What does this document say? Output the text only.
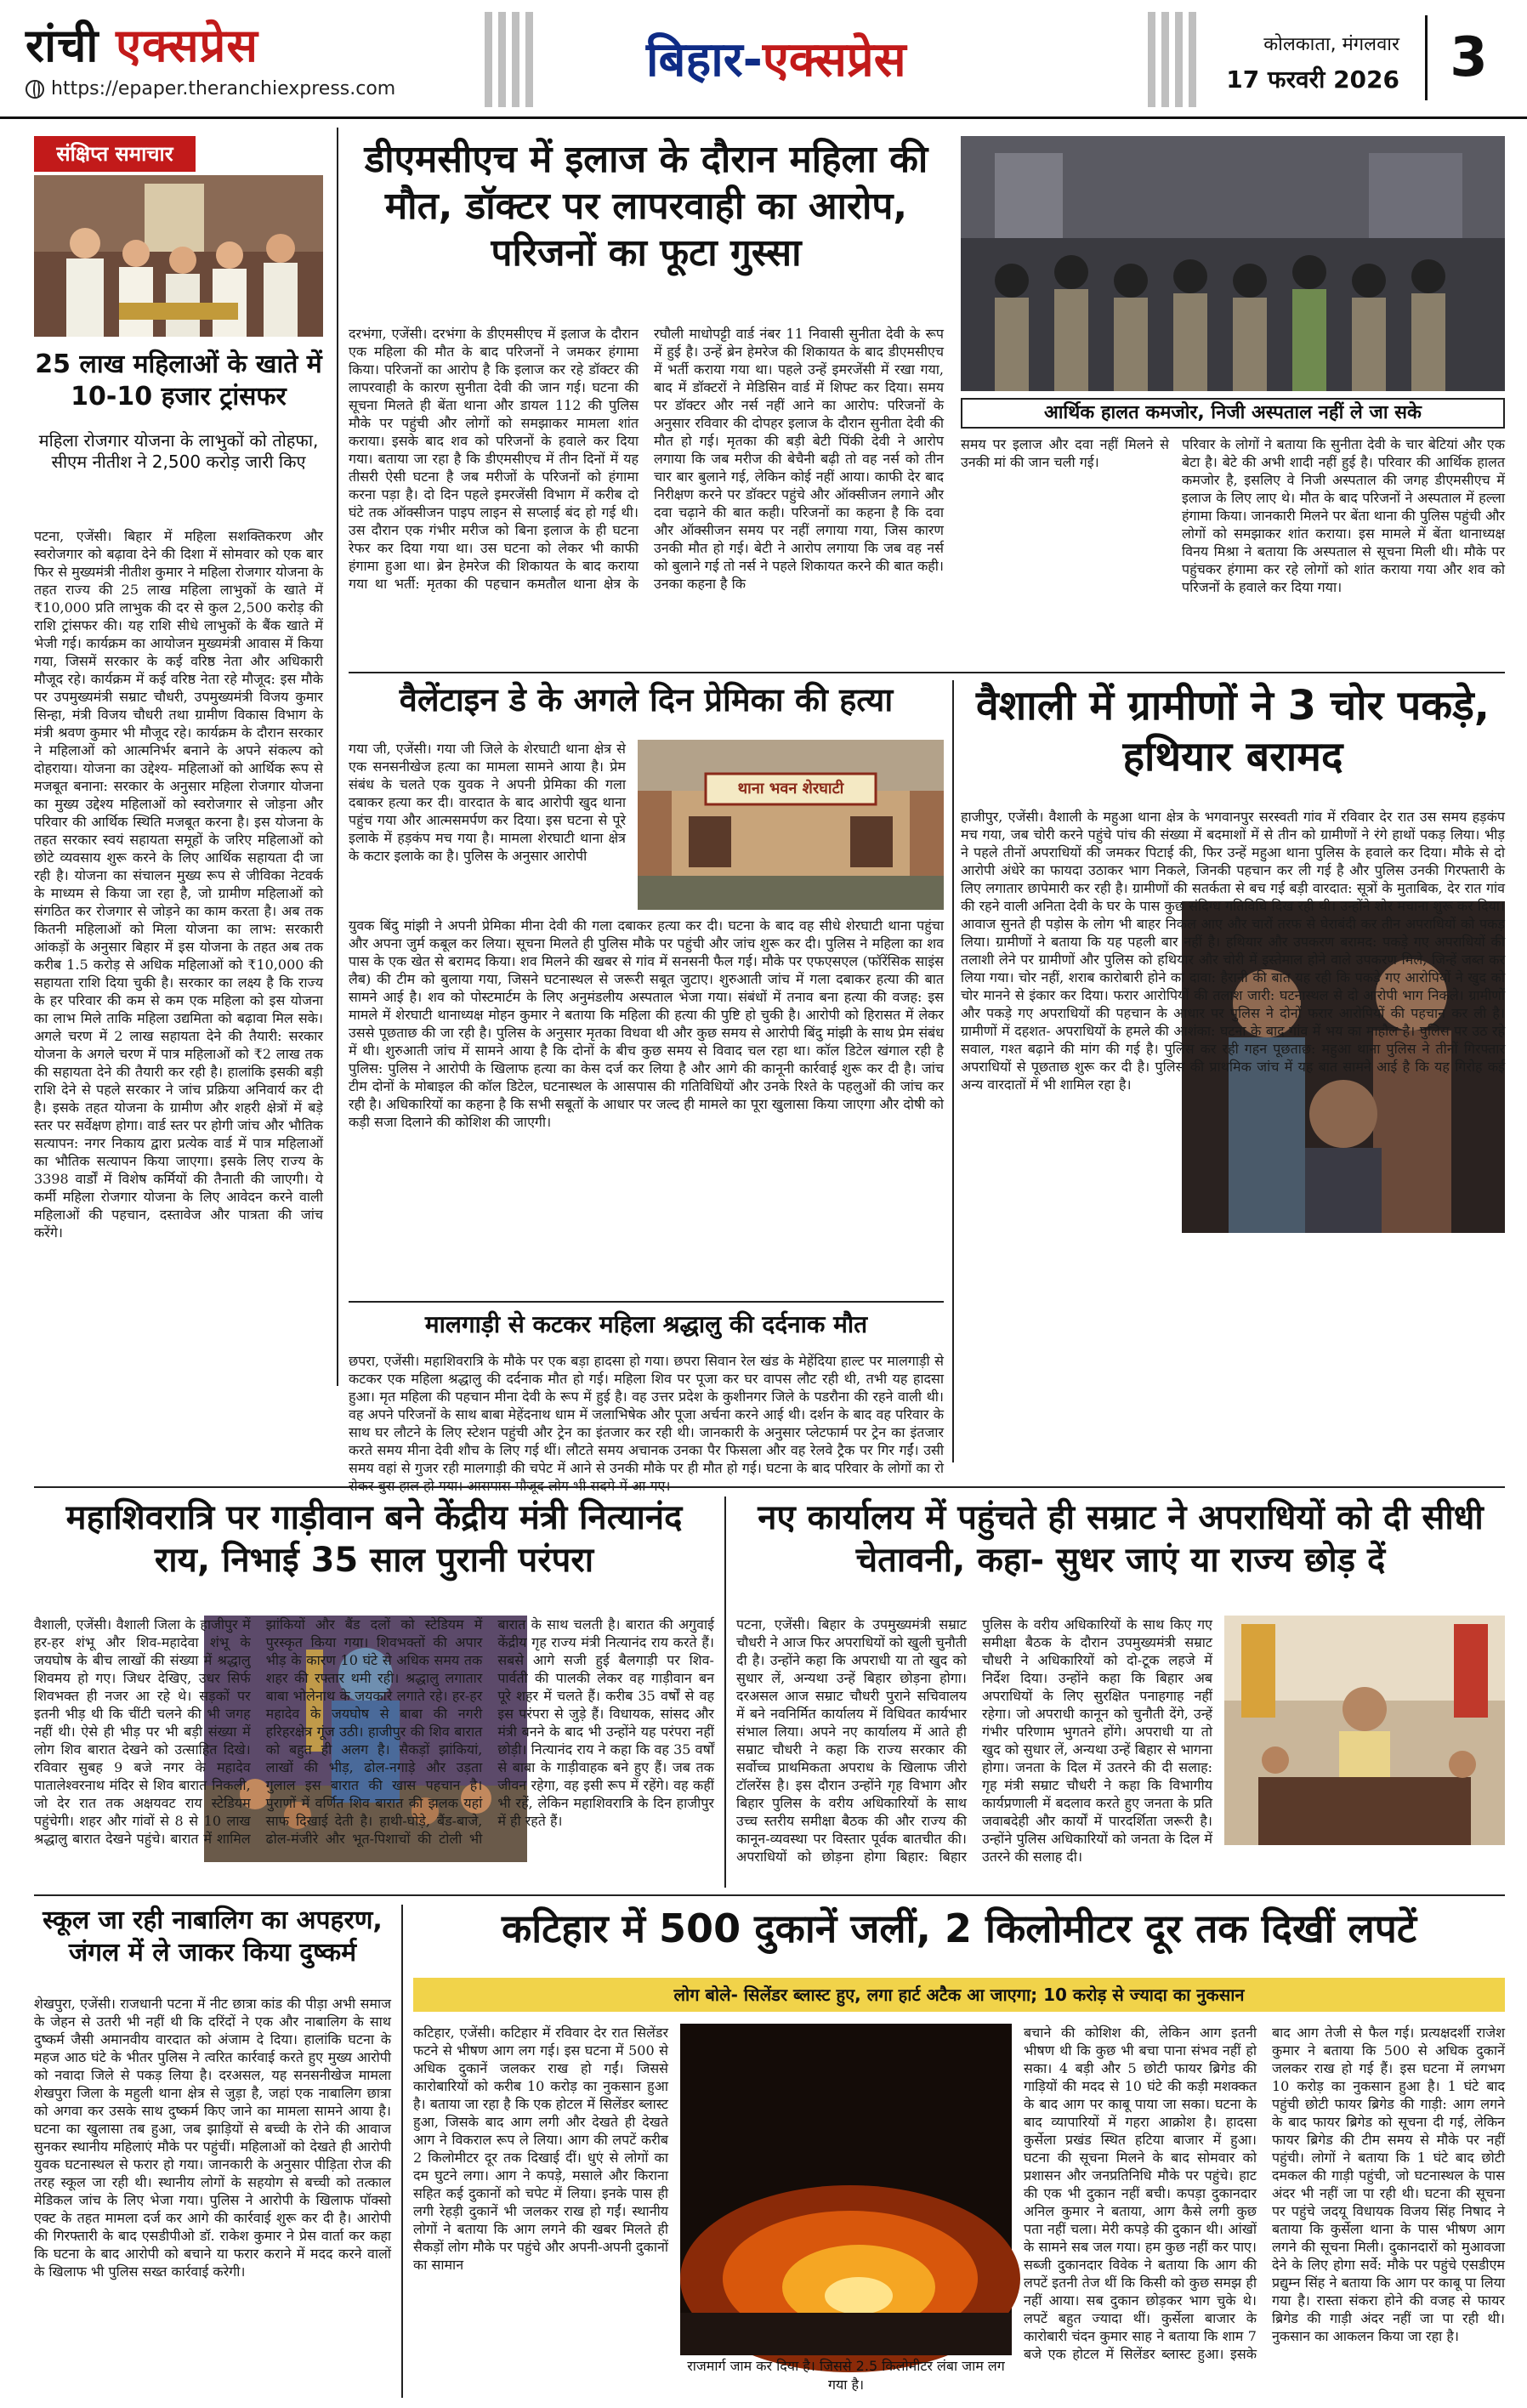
रांची एक्सप्रेस
https://epaper.theranchiexpress.com
बिहार-एक्सप्रेस	कोलकाता, मंगलवार
17 फरवरी 2026 3
संक्षिप्त समाचार
25 लाख महिलाओं के खाते में 10-10 हजार ट्रांसफर
महिला रोजगार योजना के लाभुकों को तोहफा, सीएम नीतीश ने 2,500 करोड़ जारी किए
पटना, एजेंसी। बिहार में महिला सशक्तिकरण और स्वरोजगार को बढ़ावा देने की दिशा में सोमवार को एक बार फिर से मुख्यमंत्री नीतीश कुमार ने महिला रोजगार योजना के तहत राज्य की 25 लाख महिला लाभुकों के खाते में ₹10,000 प्रति लाभुक की दर से कुल 2,500 करोड़ की राशि ट्रांसफर की। यह राशि सीधे लाभुकों के बैंक खाते में भेजी गई। कार्यक्रम का आयोजन मुख्यमंत्री आवास में किया गया, जिसमें सरकार के कई वरिष्ठ नेता और अधिकारी मौजूद रहे। कार्यक्रम में कई वरिष्ठ नेता रहे मौजूद: इस मौके पर उपमुख्यमंत्री सम्राट चौधरी, उपमुख्यमंत्री विजय कुमार सिन्हा, मंत्री विजय चौधरी तथा ग्रामीण विकास विभाग के मंत्री श्रवण कुमार भी मौजूद रहे। कार्यक्रम के दौरान सरकार ने महिलाओं को आत्मनिर्भर बनाने के अपने संकल्प को दोहराया। योजना का उद्देश्य- महिलाओं को आर्थिक रूप से मजबूत बनाना: सरकार के अनुसार महिला रोजगार योजना का मुख्य उद्देश्य महिलाओं को स्वरोजगार से जोड़ना और परिवार की आर्थिक स्थिति मजबूत करना है। इस योजना के तहत सरकार स्वयं सहायता समूहों के जरिए महिलाओं को छोटे व्यवसाय शुरू करने के लिए आर्थिक सहायता दी जा रही है। योजना का संचालन मुख्य रूप से जीविका नेटवर्क के माध्यम से किया जा रहा है, जो ग्रामीण महिलाओं को संगठित कर रोजगार से जोड़ने का काम करता है। अब तक कितनी महिलाओं को मिला योजना का लाभ: सरकारी आंकड़ों के अनुसार बिहार में इस योजना के तहत अब तक करीब 1.5 करोड़ से अधिक महिलाओं को ₹10,000 की सहायता राशि दिया चुकी है। सरकार का लक्ष्य है कि राज्य के हर परिवार की कम से कम एक महिला को इस योजना का लाभ मिले ताकि महिला उद्यमिता को बढ़ावा मिल सके। अगले चरण में 2 लाख सहायता देने की तैयारी: सरकार योजना के अगले चरण में पात्र महिलाओं को ₹2 लाख तक की सहायता देने की तैयारी कर रही है। हालांकि इसकी बड़ी राशि देने से पहले सरकार ने जांच प्रक्रिया अनिवार्य कर दी है। इसके तहत योजना के ग्रामीण और शहरी क्षेत्रों में बड़े स्तर पर सर्वेक्षण होगा। वार्ड स्तर पर होगी जांच और भौतिक सत्यापन: नगर निकाय द्वारा प्रत्येक वार्ड में पात्र महिलाओं का भौतिक सत्यापन किया जाएगा। इसके लिए राज्य के 3398 वार्डों में विशेष कर्मियों की तैनाती की जाएगी। ये कर्मी महिला रोजगार योजना के लिए आवेदन करने वाली महिलाओं की पहचान, दस्तावेज और पात्रता की जांच करेंगे।
डीएमसीएच में इलाज के दौरान महिला की मौत, डॉक्टर पर लापरवाही का आरोप, परिजनों का फूटा गुस्सा
दरभंगा, एजेंसी। दरभंगा के डीएमसीएच में इलाज के दौरान एक महिला की मौत के बाद परिजनों ने जमकर हंगामा किया। परिजनों का आरोप है कि इलाज कर रहे डॉक्टर की लापरवाही के कारण सुनीता देवी की जान गई। घटना की सूचना मिलते ही बेंता थाना और डायल 112 की पुलिस मौके पर पहुंची और लोगों को समझाकर मामला शांत कराया। इसके बाद शव को परिजनों के हवाले कर दिया गया। बताया जा रहा है कि डीएमसीएच में तीन दिनों में यह तीसरी ऐसी घटना है जब मरीजों के परिजनों को हंगामा करना पड़ा है। दो दिन पहले इमरजेंसी विभाग में करीब दो घंटे तक ऑक्सीजन पाइप लाइन से सप्लाई बंद हो गई थी। उस दौरान एक गंभीर मरीज को बिना इलाज के ही घटना रेफर कर दिया गया था। उस घटना को लेकर भी काफी हंगामा हुआ था। ब्रेन हेमरेज की शिकायत के बाद कराया गया था भर्ती: मृतका की पहचान कमतौल थाना क्षेत्र के रघौली माधोपट्टी वार्ड नंबर 11 निवासी सुनीता देवी के रूप में हुई है। उन्हें ब्रेन हेमरेज की शिकायत के बाद डीएमसीएच में भर्ती कराया गया था। पहले उन्हें इमरजेंसी में रखा गया, बाद में डॉक्टरों ने मेडिसिन वार्ड में शिफ्ट कर दिया। समय पर डॉक्टर और नर्स नहीं आने का आरोप: परिजनों के अनुसार रविवार की दोपहर इलाज के दौरान सुनीता देवी की मौत हो गई। मृतका की बड़ी बेटी पिंकी देवी ने आरोप लगाया कि जब मरीज की बेचैनी बढ़ी तो वह नर्स को तीन चार बार बुलाने गई, लेकिन कोई नहीं आया। काफी देर बाद निरीक्षण करने पर डॉक्टर पहुंचे और ऑक्सीजन लगाने और दवा चढ़ाने की बात कही। परिजनों का कहना है कि दवा और ऑक्सीजन समय पर नहीं लगाया गया, जिस कारण उनकी मौत हो गई। बेटी ने आरोप लगाया कि जब वह नर्स को बुलाने गई तो नर्स ने पहले शिकायत करने की बात कही। उनका कहना है कि
आर्थिक हालत कमजोर, निजी अस्पताल नहीं ले जा सके
परिवार के लोगों ने बताया कि सुनीता देवी के चार बेटियां और एक बेटा है। बेटे की अभी शादी नहीं हुई है। परिवार की आर्थिक हालत कमजोर है, इसलिए वे निजी अस्पताल की जगह डीएमसीएच में इलाज के लिए लाए थे। मौत के बाद परिजनों ने अस्पताल में हल्ला हंगामा किया। जानकारी मिलने पर बेंता थाना की पुलिस पहुंची और लोगों को समझाकर शांत कराया। इस मामले में बेंता थानाध्यक्ष विनय मिश्रा ने बताया कि अस्पताल से सूचना मिली थी। मौके पर पहुंचकर हंगामा कर रहे लोगों को शांत कराया गया और शव को परिजनों के हवाले कर दिया गया।
समय पर इलाज और दवा नहीं मिलने से उनकी मां की जान चली गई।
वैलेंटाइन डे के अगले दिन प्रेमिका की हत्या
थाना भवन शेरघाटी
गया जी, एजेंसी। गया जी जिले के शेरघाटी थाना क्षेत्र से एक सनसनीखेज हत्या का मामला सामने आया है। प्रेम संबंध के चलते एक युवक ने अपनी प्रेमिका की गला दबाकर हत्या कर दी। वारदात के बाद आरोपी खुद थाना पहुंच गया और आत्मसमर्पण कर दिया। इस घटना से पूरे इलाके में हड़कंप मच गया है। मामला शेरघाटी थाना क्षेत्र के कटार इलाके का है। पुलिस के अनुसार आरोपी
वैशाली में ग्रामीणों ने 3 चोर पकड़े, हथियार बरामद
हाजीपुर, एजेंसी। वैशाली के महुआ थाना क्षेत्र के भगवानपुर सरस्वती गांव में रविवार देर रात उस समय हड़कंप मच गया, जब चोरी करने पहुंचे पांच की संख्या में बदमाशों में से तीन को ग्रामीणों ने रंगे हाथों पकड़ लिया। भीड़ ने पहले तीनों अपराधियों की जमकर पिटाई की, फिर उन्हें महुआ थाना पुलिस के हवाले कर दिया। मौके से दो आरोपी अंधेरे का फायदा उठाकर भाग निकले, जिनकी पहचान कर ली गई है और पुलिस उनकी गिरफ्तारी के लिए लगातार छापेमारी कर रही है। ग्रामीणों की सतर्कता से बच गई बड़ी वारदात: सूत्रों के मुताबिक, देर रात गांव की रहने वाली अनिता देवी के घर के पास कुछ संदिग्ध गतिविधि दिख रही थी। उन्होंने शोर मचाना शुरू कर दिया। आवाज सुनते ही पड़ोस के लोग भी बाहर निकल आए और चारों तरफ से घेराबंदी कर तीन अपराधियों को पकड़ लिया। ग्रामीणों ने बताया कि यह पहली बार नहीं है। हथियार और उपकरण बरामद: पकड़े गए अपराधियों की तलाशी लेने पर ग्रामीणों और पुलिस को हथियार और चोरी में इस्तेमाल होने वाले उपकरण मिले, जिन्हें जब्त कर लिया गया। चोर नहीं, शराब कारोबारी होने का दावा: हैरानी की बात यह रही कि पकड़े गए आरोपियों ने खुद को चोर मानने से इंकार कर दिया। फरार आरोपियों की तलाश जारी: घटनास्थल से दो आरोपी भाग निकले। ग्रामीणों और पकड़े गए अपराधियों की पहचान के आधार पर पुलिस ने दोनों फरार आरोपियों की पहचान कर ली है। ग्रामीणों में दहशत- अपराधियों के हमले की आशंका: घटना के बाद गांव में भय का माहौल है। पुलिस पर उठ रहे सवाल, गश्त बढ़ाने की मांग की गई है। पुलिस कर रही गहन पूछताछ: महुआ थाना पुलिस ने तीनों गिरफ्तार अपराधियों से पूछताछ शुरू कर दी है। पुलिस की प्राथमिक जांच में यह बात सामने आई है कि यह गिरोह कई अन्य वारदातों में भी शामिल रहा है।
मालगाड़ी से कटकर महिला श्रद्धालु की दर्दनाक मौत
छपरा, एजेंसी। महाशिवरात्रि के मौके पर एक बड़ा हादसा हो गया। छपरा सिवान रेल खंड के मेहेंदिया हाल्ट पर मालगाड़ी से कटकर एक महिला श्रद्धालु की दर्दनाक मौत हो गई। महिला शिव पर पूजा कर घर वापस लौट रही थी, तभी यह हादसा हुआ। मृत महिला की पहचान मीना देवी के रूप में हुई है। वह उत्तर प्रदेश के कुशीनगर जिले के पडरौना की रहने वाली थी। वह अपने परिजनों के साथ बाबा मेहेंदनाथ धाम में जलाभिषेक और पूजा अर्चना करने आई थी। दर्शन के बाद वह परिवार के साथ घर लौटने के लिए स्टेशन पहुंची और ट्रेन का इंतजार कर रही थी। जानकारी के अनुसार प्लेटफार्म पर ट्रेन का इंतजार करते समय मीना देवी शौच के लिए गई थीं। लौटते समय अचानक उनका पैर फिसला और वह रेलवे ट्रैक पर गिर गईं। उसी समय वहां से गुजर रही मालगाड़ी की चपेट में आने से उनकी मौके पर ही मौत हो गई। घटना के बाद परिवार के लोगों का रो
महाशिवरात्रि पर गाड़ीवान बने केंद्रीय मंत्री नित्यानंद राय, निभाई 35 साल पुरानी परंपरा
वैशाली, एजेंसी। वैशाली जिला के हाजीपुर में हर-हर शंभू और शिव-महादेवा शंभू के जयघोष के बीच लाखों की संख्या में श्रद्धालु शिवमय हो गए। जिधर देखिए, उधर सिर्फ शिवभक्त ही नजर आ रहे थे। सड़कों पर इतनी भीड़ थी कि चींटी चलने की भी जगह नहीं थी। ऐसे ही भीड़ पर भी बड़ी संख्या में लोग शिव बारात देखने को उत्साहित दिखे। रविवार सुबह 9 बजे नगर के महादेव पातालेश्वरनाथ मंदिर से शिव बारात निकली, जो देर रात तक अक्षयवट राय स्टेडियम पहुंचेगी। शहर और गांवों से 8 से 10 लाख श्रद्धालु बारात देखने पहुंचे। बारात में शामिल झांकियों और बैंड दलों को स्टेडियम में पुरस्कृत किया गया। शिवभक्तों की अपार भीड़ के कारण 10 घंटे से अधिक समय तक शहर की रफ्तार थमी रही। श्रद्धालु लगातार बाबा भोलेनाथ के जयकारे लगाते रहे। हर-हर महादेव के जयघोष से बाबा की नगरी हरिहरक्षेत्र गूंज उठी। हाजीपुर की शिव बारात को बहुत ही अलग है। सैकड़ों झांकियां, लाखों की भीड़, ढोल-नगाड़े और उड़ता गुलाल इस बारात की खास पहचान है। पुराणों में वर्णित शिव बारात की झलक यहां साफ दिखाई देती है। हाथी-घोड़े, बैंड-बाजे, ढोल-मंजीरे और भूत-पिशाचों की टोली भी बारात के साथ चलती है। बारात की अगुवाई केंद्रीय गृह राज्य मंत्री नित्यानंद राय करते हैं। सबसे आगे सजी हुई बैलगाड़ी पर शिव-पार्वती की पालकी लेकर वह गाड़ीवान बन पूरे शहर में चलते हैं। करीब 35 वर्षों से वह इस परंपरा से जुड़े हैं। विधायक, सांसद और मंत्री बनने के बाद भी उन्होंने यह परंपरा नहीं छोड़ी। नित्यानंद राय ने कहा कि वह 35 वर्षों से बाबा के गाड़ीवाहक बने हुए हैं। जब तक जीवन रहेगा, वह इसी रूप में रहेंगे। वह कहीं भी रहें, लेकिन महाशिवरात्रि के दिन हाजीपुर में ही रहते हैं।
नए कार्यालय में पहुंचते ही सम्राट ने अपराधियों को दी सीधी चेतावनी, कहा- सुधर जाएं या राज्य छोड़ दें
पटना, एजेंसी। बिहार के उपमुख्यमंत्री सम्राट चौधरी ने आज फिर अपराधियों को खुली चुनौती दी है। उन्होंने कहा कि अपराधी या तो खुद को सुधार लें, अन्यथा उन्हें बिहार छोड़ना होगा। दरअसल आज सम्राट चौधरी पुराने सचिवालय में बने नवनिर्मित कार्यालय में विधिवत कार्यभार संभाल लिया। अपने नए कार्यालय में आते ही सम्राट चौधरी ने कहा कि राज्य सरकार की सर्वोच्च प्राथमिकता अपराध के खिलाफ जीरो टॉलरेंस है। इस दौरान उन्होंने गृह विभाग और बिहार पुलिस के वरीय अधिकारियों के साथ उच्च स्तरीय समीक्षा बैठक की और राज्य की कानून-व्यवस्था पर विस्तार पूर्वक बातचीत की। अपराधियों को छोड़ना होगा बिहार: बिहार पुलिस के वरीय अधिकारियों के साथ किए गए समीक्षा बैठक के दौरान उपमुख्यमंत्री सम्राट चौधरी ने अधिकारियों को दो-टूक लहजे में निर्देश दिया। उन्होंने कहा कि बिहार अब अपराधियों के लिए सुरक्षित पनाहगाह नहीं रहेगा। जो अपराधी कानून को चुनौती देंगे, उन्हें गंभीर परिणाम भुगतने होंगे। अपराधी या तो खुद को सुधार लें, अन्यथा उन्हें बिहार से भागना होगा। जनता के दिल में उतरने की दी सलाह: गृह मंत्री सम्राट चौधरी ने कहा कि विभागीय कार्यप्रणाली में बदलाव करते हुए जनता के प्रति जवाबदेही और कार्यों में पारदर्शिता जरूरी है। उन्होंने पुलिस अधिकारियों को जनता के दिल में उतरने की सलाह दी।
स्कूल जा रही नाबालिग का अपहरण, जंगल में ले जाकर किया दुष्कर्म
शेखपुरा, एजेंसी। राजधानी पटना में नीट छात्रा कांड की पीड़ा अभी समाज के जेहन से उतरी भी नहीं थी कि दरिंदों ने एक और नाबालिग के साथ दुष्कर्म जैसी अमानवीय वारदात को अंजाम दे दिया। हालांकि घटना के महज आठ घंटे के भीतर पुलिस ने त्वरित कार्रवाई करते हुए मुख्य आरोपी को नवादा जिले से पकड़ लिया है। दरअसल, यह सनसनीखेज मामला शेखपुरा जिला के महुली थाना क्षेत्र से जुड़ा है, जहां एक नाबालिग छात्रा को अगवा कर उसके साथ दुष्कर्म किए जाने का मामला सामने आया है। घटना का खुलासा तब हुआ, जब झाड़ियों से बच्ची के रोने की आवाज सुनकर स्थानीय महिलाएं मौके पर पहुंचीं। महिलाओं को देखते ही आरोपी युवक घटनास्थल से फरार हो गया। जानकारी के अनुसार पीड़िता रोज की तरह स्कूल जा रही थी। स्थानीय लोगों के सहयोग से बच्ची को तत्काल मेडिकल जांच के लिए भेजा गया। पुलिस ने आरोपी के खिलाफ पॉक्सो एक्ट के तहत मामला दर्ज कर आगे की कार्रवाई शुरू कर दी है। आरोपी की गिरफ्तारी के बाद एसडीपीओ डॉ. राकेश कुमार ने प्रेस वार्ता कर कहा कि घटना के बाद आरोपी को बचाने या फरार कराने में मदद करने वालों के खिलाफ भी पुलिस सख्त कार्रवाई करेगी।
कटिहार में 500 दुकानें जलीं, 2 किलोमीटर दूर तक दिखीं लपटें
लोग बोले- सिलेंडर ब्लास्ट हुए, लगा हार्ट अटैक आ जाएगा; 10 करोड़ से ज्यादा का नुकसान
राजमार्ग जाम कर दिया है। जिससे 2.5 किलोमीटर लंबा जाम लग गया है।
कटिहार, एजेंसी। कटिहार में रविवार देर रात सिलेंडर फटने से भीषण आग लग गई। इस घटना में 500 से अधिक दुकानें जलकर राख हो गईं। जिससे कारोबारियों को करीब 10 करोड़ का नुकसान हुआ है। बताया जा रहा है कि एक होटल में सिलेंडर ब्लास्ट हुआ, जिसके बाद आग लगी और देखते ही देखते आग ने विकराल रूप ले लिया। आग की लपटें करीब 2 किलोमीटर दूर तक दिखाई दीं। धुएं से लोगों का दम घुटने लगा। आग ने कपड़े, मसाले और किराना सहित कई दुकानों को चपेट में लिया। इनके पास ही लगी रेहड़ी दुकानें भी जलकर राख हो गईं। स्थानीय लोगों ने बताया कि आग लगने की खबर मिलते ही सैकड़ों लोग मौके पर पहुंचे और अपनी-अपनी दुकानों का सामान
बचाने की कोशिश की, लेकिन आग इतनी भीषण थी कि कुछ भी बचा पाना संभव नहीं हो सका। 4 बड़ी और 5 छोटी फायर ब्रिगेड की गाड़ियों की मदद से 10 घंटे की कड़ी मशक्कत के बाद आग पर काबू पाया जा सका। घटना के बाद व्यापारियों में गहरा आक्रोश है। हादसा कुर्सेला प्रखंड स्थित हटिया बाजार में हुआ। घटना की सूचना मिलने के बाद सोमवार को प्रशासन और जनप्रतिनिधि मौके पर पहुंचे। हाट की एक भी दुकान नहीं बची। कपड़ा दुकानदार अनिल कुमार ने बताया, आग कैसे लगी कुछ पता नहीं चला। मेरी कपड़े की दुकान थी। आंखों के सामने सब जल गया। हम कुछ नहीं कर पाए। सब्जी दुकानदार विवेक ने बताया कि आग की लपटें इतनी तेज थीं कि किसी को कुछ समझ ही नहीं आया। सब दुकान छोड़कर भाग चुके थे। लपटें बहुत ज्यादा थीं। कुर्सेला बाजार के कारोबारी चंदन कुमार साह ने बताया कि शाम 7 बजे एक होटल में सिलेंडर ब्लास्ट हुआ। इसके बाद आग तेजी से फैल गई। प्रत्यक्षदर्शी राजेश कुमार ने बताया कि 500 से अधिक दुकानें जलकर राख हो गई हैं। इस घटना में लगभग 10 करोड़ का नुकसान हुआ है। 1 घंटे बाद पहुंची छोटी फायर ब्रिगेड की गाड़ी: आग लगने के बाद फायर ब्रिगेड को सूचना दी गई, लेकिन फायर ब्रिगेड की टीम समय से मौके पर नहीं पहुंची। लोगों ने बताया कि 1 घंटे बाद छोटी दमकल की गाड़ी पहुंची, जो घटनास्थल के पास अंदर भी नहीं जा पा रही थी। घटना की सूचना पर पहुंचे जदयू विधायक विजय सिंह निषाद ने बताया कि कुर्सेला थाना के पास भीषण आग लगने की सूचना मिली। दुकानदारों को मुआवजा देने के लिए होगा सर्वे: मौके पर पहुंचे एसडीएम प्रद्युम्न सिंह ने बताया कि आग पर काबू पा लिया गया है। रास्ता संकरा होने की वजह से फायर ब्रिगेड की गाड़ी अंदर नहीं जा पा रही थी। नुकसान का आकलन किया जा रहा है।
युवक बिंदु मांझी ने अपनी प्रेमिका मीना देवी की गला दबाकर हत्या कर दी। घटना के बाद वह सीधे शेरघाटी थाना पहुंचा और अपना जुर्म कबूल कर लिया। सूचना मिलते ही पुलिस मौके पर पहुंची और जांच शुरू कर दी। पुलिस ने महिला का शव पास के एक खेत से बरामद किया। शव मिलने की खबर से गांव में सनसनी फैल गई। मौके पर एफएसएल (फॉरेंसिक साइंस लैब) की टीम को बुलाया गया, जिसने घटनास्थल से जरूरी सबूत जुटाए। शुरुआती जांच में गला दबाकर हत्या की बात सामने आई है। शव को पोस्टमार्टम के लिए अनुमंडलीय अस्पताल भेजा गया। संबंधों में तनाव बना हत्या की वजह: इस मामले में शेरघाटी थानाध्यक्ष मोहन कुमार ने बताया कि महिला की हत्या की पुष्टि हो चुकी है। आरोपी को हिरासत में लेकर उससे पूछताछ की जा रही है। पुलिस के अनुसार मृतका विधवा थी और कुछ समय से आरोपी बिंदु मांझी के साथ प्रेम संबंध में थी। शुरुआती जांच में सामने आया है कि दोनों के बीच कुछ समय से विवाद चल रहा था। कॉल डिटेल खंगाल रही है पुलिस: पुलिस ने आरोपी के खिलाफ हत्या का केस दर्ज कर लिया है और आगे की कानूनी कार्रवाई शुरू कर दी है। जांच टीम दोनों के मोबाइल की कॉल डिटेल, घटनास्थल के आसपास की गतिविधियों और उनके रिश्ते के पहलुओं की जांच कर रही है। अधिकारियों का कहना है कि सभी सबूतों के आधार पर जल्द ही मामले का पूरा खुलासा किया जाएगा और दोषी को कड़ी सजा दिलाने की कोशिश की जाएगी।
